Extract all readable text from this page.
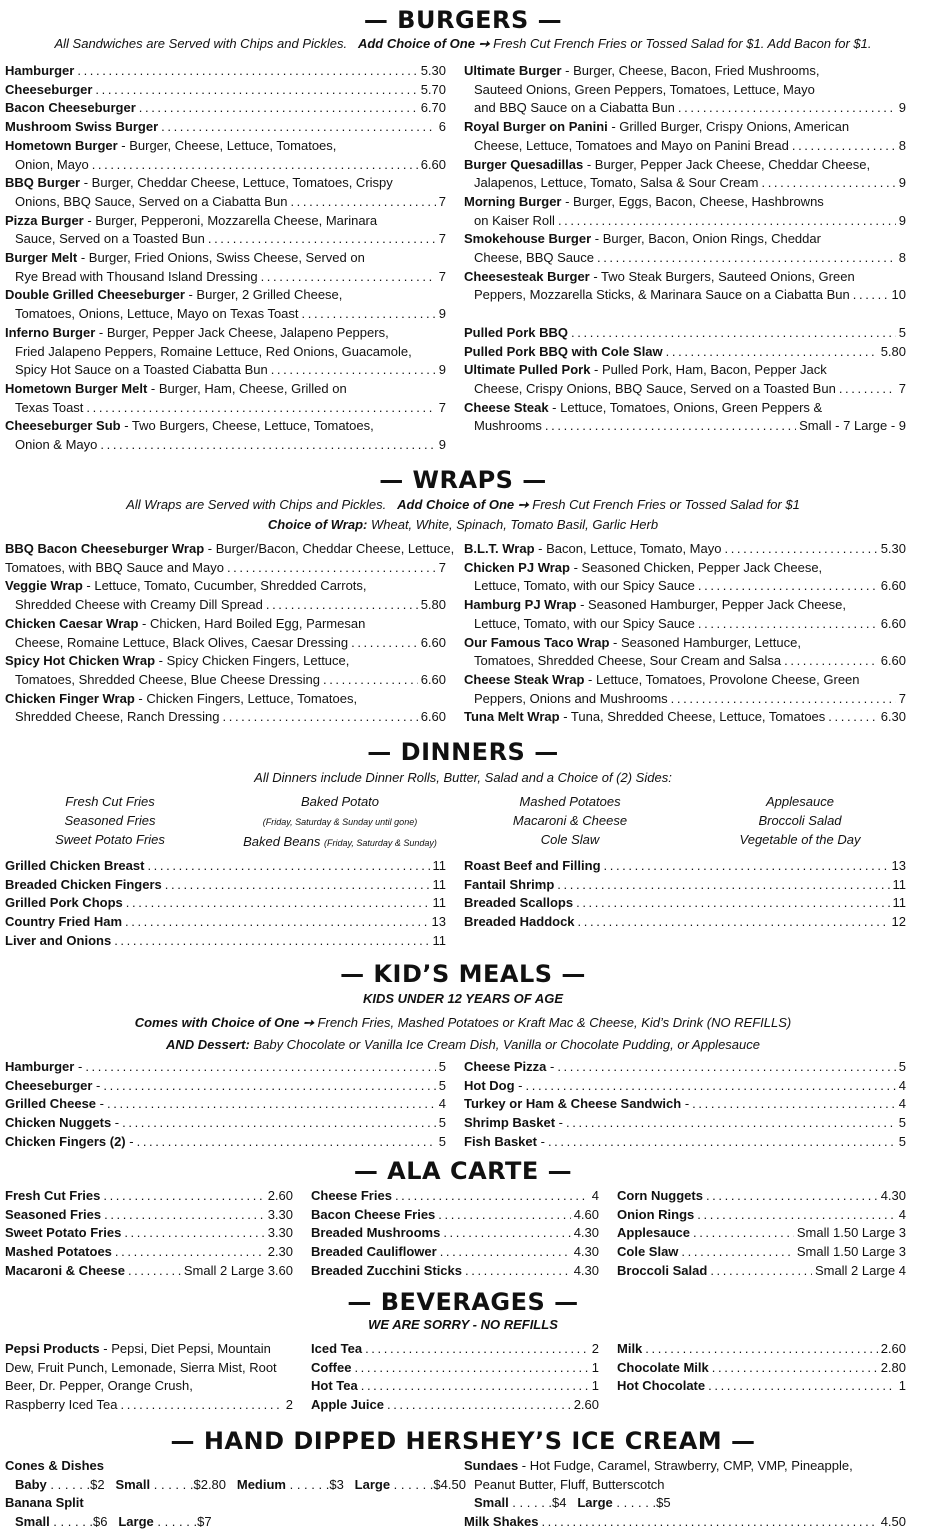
— BURGERS —
All Sandwiches are Served with Chips and Pickles. Add Choice of One ➙ Fresh Cut French Fries or Tossed Salad for $1. Add Bacon for $1.
Hamburger . . .	5.30
Cheeseburger . . .	5.70
Bacon Cheeseburger . . .	6.70
Mushroom Swiss Burger . . .	6
Hometown Burger - Burger, Cheese, Lettuce, Tomatoes,
Onion, Mayo . . .	6.60
BBQ Burger - Burger, Cheddar Cheese, Lettuce, Tomatoes, Crispy
Onions, BBQ Sauce, Served on a Ciabatta Bun . . .	7
Pizza Burger - Burger, Pepperoni, Mozzarella Cheese, Marinara
Sauce, Served on a Toasted Bun . . .	7
Burger Melt - Burger, Fried Onions, Swiss Cheese, Served on
Rye Bread with Thousand Island Dressing . . .	7
Double Grilled Cheeseburger - Burger, 2 Grilled Cheese,
Tomatoes, Onions, Lettuce, Mayo on Texas Toast . . .	9
Inferno Burger - Burger, Pepper Jack Cheese, Jalapeno Peppers,
Fried Jalapeno Peppers, Romaine Lettuce, Red Onions, Guacamole,
Spicy Hot Sauce on a Toasted Ciabatta Bun . . .	9
Hometown Burger Melt - Burger, Ham, Cheese, Grilled on
Texas Toast . . .	7
Cheeseburger Sub - Two Burgers, Cheese, Lettuce, Tomatoes,
Onion & Mayo . . .	9
Ultimate Burger - Burger, Cheese, Bacon, Fried Mushrooms,
Sauteed Onions, Green Peppers, Tomatoes, Lettuce, Mayo
and BBQ Sauce on a Ciabatta Bun . . .	9
Royal Burger on Panini - Grilled Burger, Crispy Onions, American
Cheese, Lettuce, Tomatoes and Mayo on Panini Bread . . .	8
Burger Quesadillas - Burger, Pepper Jack Cheese, Cheddar Cheese,
Jalapenos, Lettuce, Tomato, Salsa & Sour Cream . . .	9
Morning Burger - Burger, Eggs, Bacon, Cheese, Hashbrowns
on Kaiser Roll . . .	9
Smokehouse Burger - Burger, Bacon, Onion Rings, Cheddar
Cheese, BBQ Sauce . . .	8
Cheesesteak Burger - Two Steak Burgers, Sauteed Onions, Green
Peppers, Mozzarella Sticks, & Marinara Sauce on a Ciabatta Bun . . .	10

Pulled Pork BBQ . . .	5
Pulled Pork BBQ with Cole Slaw . . .	5.80
Ultimate Pulled Pork - Pulled Pork, Ham, Bacon, Pepper Jack
Cheese, Crispy Onions, BBQ Sauce, Served on a Toasted Bun . . .	7
Cheese Steak - Lettuce, Tomatoes, Onions, Green Peppers &
Mushrooms . . .	Small - 7 Large - 9
— WRAPS —
All Wraps are Served with Chips and Pickles. Add Choice of One ➙ Fresh Cut French Fries or Tossed Salad for $1
Choice of Wrap: Wheat, White, Spinach, Tomato Basil, Garlic Herb
BBQ Bacon Cheeseburger Wrap - Burger/Bacon, Cheddar Cheese, Lettuce,
Tomatoes, with BBQ Sauce and Mayo . . .	7
Veggie Wrap - Lettuce, Tomato, Cucumber, Shredded Carrots,
Shredded Cheese with Creamy Dill Spread . . .	5.80
Chicken Caesar Wrap - Chicken, Hard Boiled Egg, Parmesan
Cheese, Romaine Lettuce, Black Olives, Caesar Dressing . . .	6.60
Spicy Hot Chicken Wrap - Spicy Chicken Fingers, Lettuce,
Tomatoes, Shredded Cheese, Blue Cheese Dressing . . .	6.60
Chicken Finger Wrap - Chicken Fingers, Lettuce, Tomatoes,
Shredded Cheese, Ranch Dressing . . .	6.60
B.L.T. Wrap - Bacon, Lettuce, Tomato, Mayo . . .	5.30
Chicken PJ Wrap - Seasoned Chicken, Pepper Jack Cheese,
Lettuce, Tomato, with our Spicy Sauce . . .	6.60
Hamburg PJ Wrap - Seasoned Hamburger, Pepper Jack Cheese,
Lettuce, Tomato, with our Spicy Sauce . . .	6.60
Our Famous Taco Wrap - Seasoned Hamburger, Lettuce,
Tomatoes, Shredded Cheese, Sour Cream and Salsa . . .	6.60
Cheese Steak Wrap - Lettuce, Tomatoes, Provolone Cheese, Green
Peppers, Onions and Mushrooms . . .	7
Tuna Melt Wrap - Tuna, Shredded Cheese, Lettuce, Tomatoes . . .	6.30
— DINNERS —
All Dinners include Dinner Rolls, Butter, Salad and a Choice of (2) Sides:
Fresh Cut Fries
Seasoned Fries
Sweet Potato Fries
Baked Potato
(Friday, Saturday & Sunday until gone)
Baked Beans (Friday, Saturday & Sunday)
Mashed Potatoes
Macaroni & Cheese
Cole Slaw
Applesauce
Broccoli Salad
Vegetable of the Day
Grilled Chicken Breast . . .	11
Breaded Chicken Fingers . . .	11
Grilled Pork Chops . . .	11
Country Fried Ham . . .	13
Liver and Onions . . .	11
Roast Beef and Filling . . .	13
Fantail Shrimp . . .	11
Breaded Scallops . . .	11
Breaded Haddock . . .	12
— KID’S MEALS —
KIDS UNDER 12 YEARS OF AGE
Comes with Choice of One ➙ French Fries, Mashed Potatoes or Kraft Mac & Cheese, Kid’s Drink (NO REFILLS)
AND Dessert: Baby Chocolate or Vanilla Ice Cream Dish, Vanilla or Chocolate Pudding, or Applesauce
Hamburger - . . .	5
Cheeseburger - . . .	5
Grilled Cheese - . . .	4
Chicken Nuggets - . . .	5
Chicken Fingers (2) - . . .	5
Cheese Pizza - . . .	5
Hot Dog - . . .	4
Turkey or Ham & Cheese Sandwich - . . .	4
Shrimp Basket - . . .	5
Fish Basket - . . .	5
— ALA CARTE —
Fresh Cut Fries . . .	2.60
Seasoned Fries . . .	3.30
Sweet Potato Fries . . .	3.30
Mashed Potatoes . . .	2.30
Macaroni & Cheese . . .	Small 2 Large 3.60
Cheese Fries . . .	4
Bacon Cheese Fries . . .	4.60
Breaded Mushrooms . . .	4.30
Breaded Cauliflower . . .	4.30
Breaded Zucchini Sticks . . .	4.30
Corn Nuggets . . .	4.30
Onion Rings . . .	4
Applesauce . . .	Small 1.50 Large 3
Cole Slaw . . .	Small 1.50 Large 3
Broccoli Salad . . .	Small 2 Large 4
— BEVERAGES —
WE ARE SORRY - NO REFILLS
Pepsi Products - Pepsi, Diet Pepsi, Mountain
Dew, Fruit Punch, Lemonade, Sierra Mist, Root
Beer, Dr. Pepper, Orange Crush,
Raspberry Iced Tea . . .	2
Iced Tea . . .	2
Coffee . . .	1
Hot Tea . . .	1
Apple Juice . . .	2.60
Milk . . .	2.60
Chocolate Milk . . .	2.80
Hot Chocolate . . .	1
— HAND DIPPED HERSHEY’S ICE CREAM —
Cones & Dishes
Baby . . . . . . $2
Small . . . . . . $2.80
Medium . . . . . . $3
Large . . . . . . $4.50
Banana Split
Small . . . . . . $6
Large . . . . . . $7
Sundaes - Hot Fudge, Caramel, Strawberry, CMP, VMP, Pineapple,
Peanut Butter, Fluff, Butterscotch
Small . . . . . . $4
Large . . . . . . $5
Milk Shakes . . .	4.50
